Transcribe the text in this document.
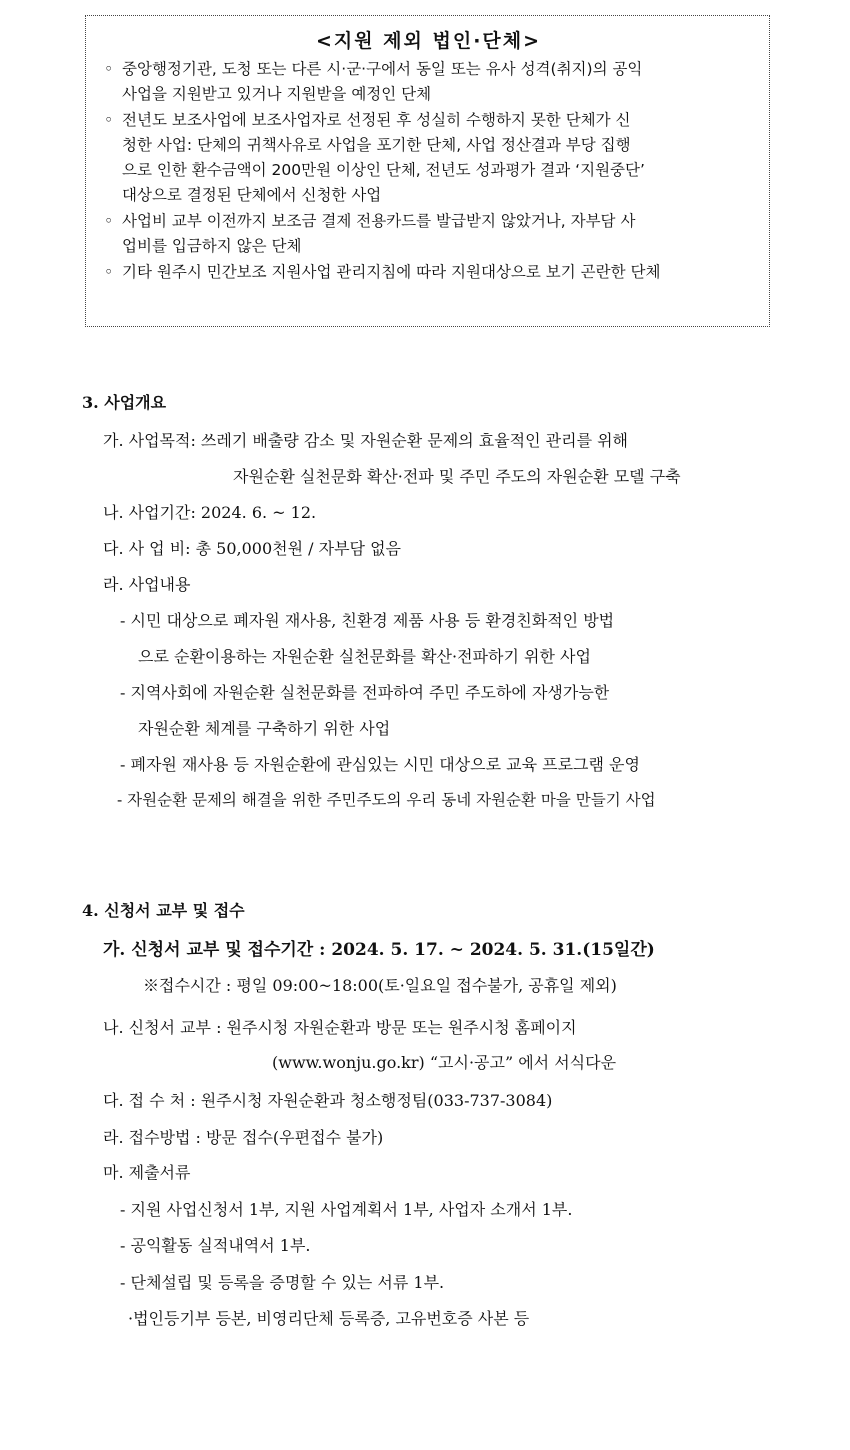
<지원 제외 법인·단체>
◦ 중앙행정기관, 도청 또는 다른 시·군·구에서 동일 또는 유사 성격(취지)의 공익
사업을 지원받고 있거나 지원받을 예정인 단체
◦ 전년도 보조사업에 보조사업자로 선정된 후 성실히 수행하지 못한 단체가 신
청한 사업: 단체의 귀책사유로 사업을 포기한 단체, 사업 정산결과 부당 집행
으로 인한 환수금액이 200만원 이상인 단체, 전년도 성과평가 결과 ‘지원중단’
대상으로 결정된 단체에서 신청한 사업
◦ 사업비 교부 이전까지 보조금 결제 전용카드를 발급받지 않았거나, 자부담 사
업비를 입금하지 않은 단체
◦ 기타 원주시 민간보조 지원사업 관리지침에 따라 지원대상으로 보기 곤란한 단체
3. 사업개요
가. 사업목적: 쓰레기 배출량 감소 및 자원순환 문제의 효율적인 관리를 위해
자원순환 실천문화 확산·전파 및 주민 주도의 자원순환 모델 구축
나. 사업기간: 2024. 6. ~ 12.
다. 사 업 비: 총 50,000천원 / 자부담 없음
라. 사업내용
- 시민 대상으로 폐자원 재사용, 친환경 제품 사용 등 환경친화적인 방법
으로 순환이용하는 자원순환 실천문화를 확산·전파하기 위한 사업
- 지역사회에 자원순환 실천문화를 전파하여 주민 주도하에 자생가능한
자원순환 체계를 구축하기 위한 사업
- 폐자원 재사용 등 자원순환에 관심있는 시민 대상으로 교육 프로그램 운영
- 자원순환 문제의 해결을 위한 주민주도의 우리 동네 자원순환 마을 만들기 사업
4. 신청서 교부 및 접수
가. 신청서 교부 및 접수기간 : 2024. 5. 17. ~ 2024. 5. 31.(15일간)
※접수시간 : 평일 09:00~18:00(토·일요일 접수불가, 공휴일 제외)
나. 신청서 교부 : 원주시청 자원순환과 방문 또는 원주시청 홈페이지
(www.wonju.go.kr) “고시·공고” 에서 서식다운
다. 접 수 처 : 원주시청 자원순환과 청소행정팀(033-737-3084)
라. 접수방법 : 방문 접수(우편접수 불가)
마. 제출서류
- 지원 사업신청서 1부, 지원 사업계획서 1부, 사업자 소개서 1부.
- 공익활동 실적내역서 1부.
- 단체설립 및 등록을 증명할 수 있는 서류 1부.
·법인등기부 등본, 비영리단체 등록증, 고유번호증 사본 등
